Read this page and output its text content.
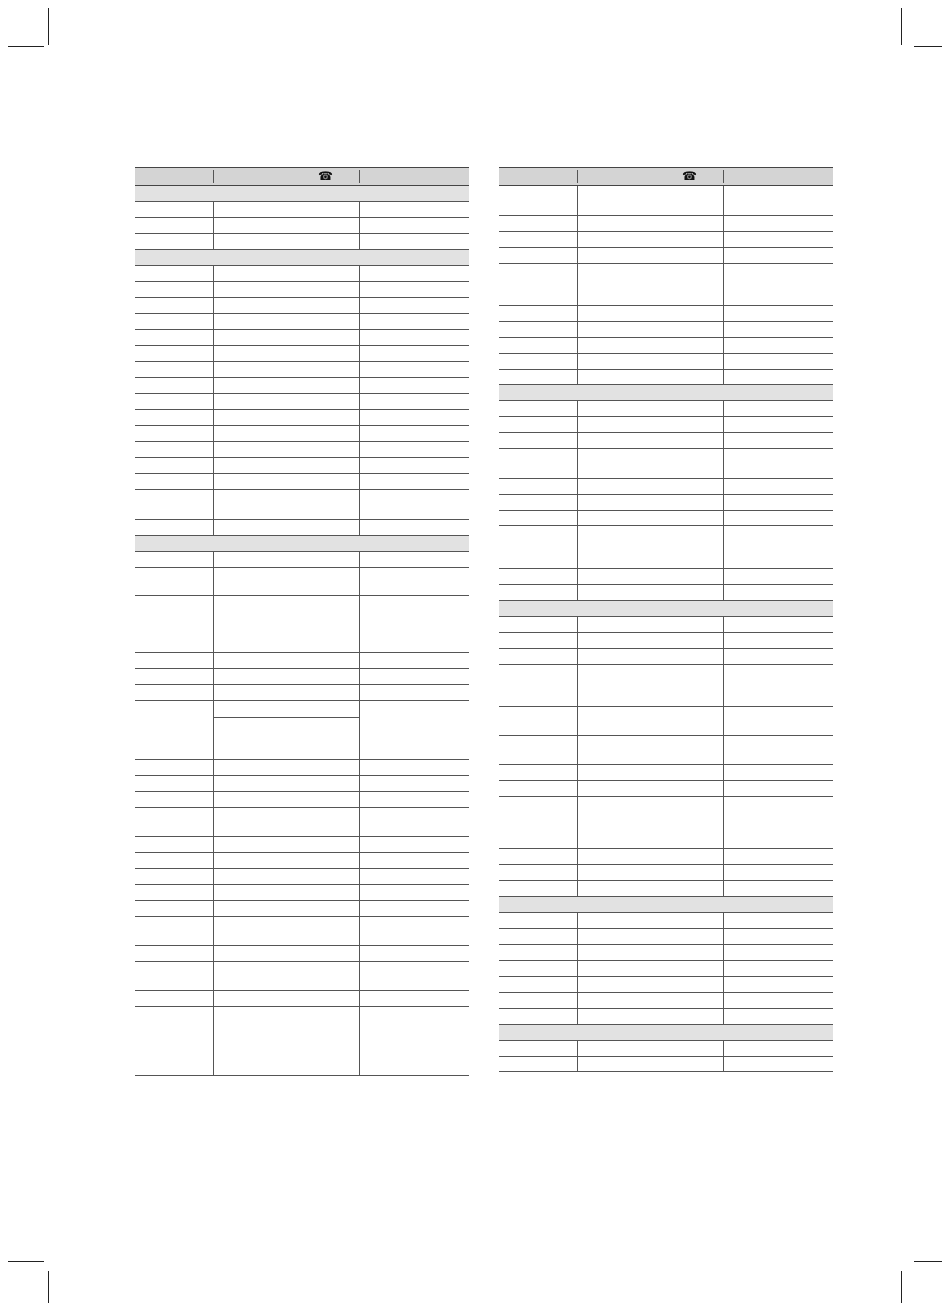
☎	☎
